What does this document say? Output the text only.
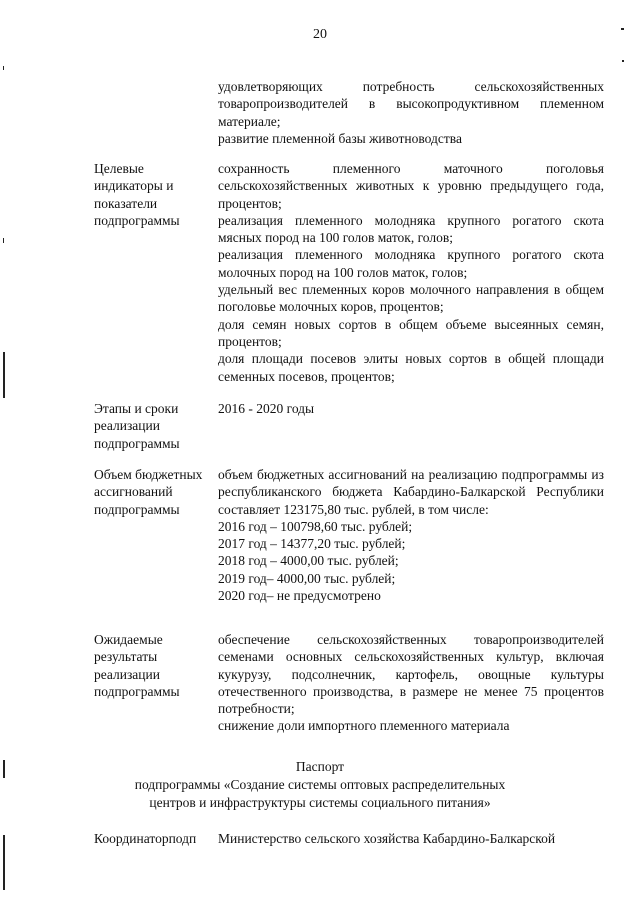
20

удовлетворяющих потребность сельскохозяйственных товаропроизводителей в высокопродуктивном племенном материале;

развитие племенной базы животноводства

Целевые индикаторы и показатели подпрограммы

сохранность племенного маточного поголовья сельскохозяйственных животных к уровню предыдущего года, процентов;

реализация племенного молодняка крупного рогатого скота мясных пород на 100 голов маток, голов;

реализация племенного молодняка крупного рогатого скота молочных пород на 100 голов маток, голов;

удельный вес племенных коров молочного направления в общем поголовье молочных коров, процентов;

доля семян новых сортов в общем объеме высеянных семян, процентов;

доля площади посевов элиты новых сортов в общей площади семенных посевов, процентов;

Этапы и сроки реализации подпрограммы

2016 - 2020 годы

Объем бюджетных ассигнований подпрограммы

объем бюджетных ассигнований на реализацию подпрограммы из республиканского бюджета Кабардино-Балкарской Республики составляет 123175,80 тыс. рублей, в том числе:

2016 год – 100798,60 тыс. рублей;

2017 год – 14377,20 тыс. рублей;

2018 год – 4000,00 тыс. рублей;

2019 год– 4000,00 тыс. рублей;

2020 год– не предусмотрено

Ожидаемые результаты реализации подпрограммы

обеспечение сельскохозяйственных товаропроизводителей семенами основных сельскохозяйственных культур, включая кукурузу, подсолнечник, картофель, овощные культуры отечественного производства, в размере не менее 75 процентов потребности;

снижение доли импортного племенного материала

Паспорт
подпрограммы «Создание системы оптовых распределительных
центров и инфраструктуры системы социального питания»
Координаторподп Министерство сельского хозяйства Кабардино-Балкарской
